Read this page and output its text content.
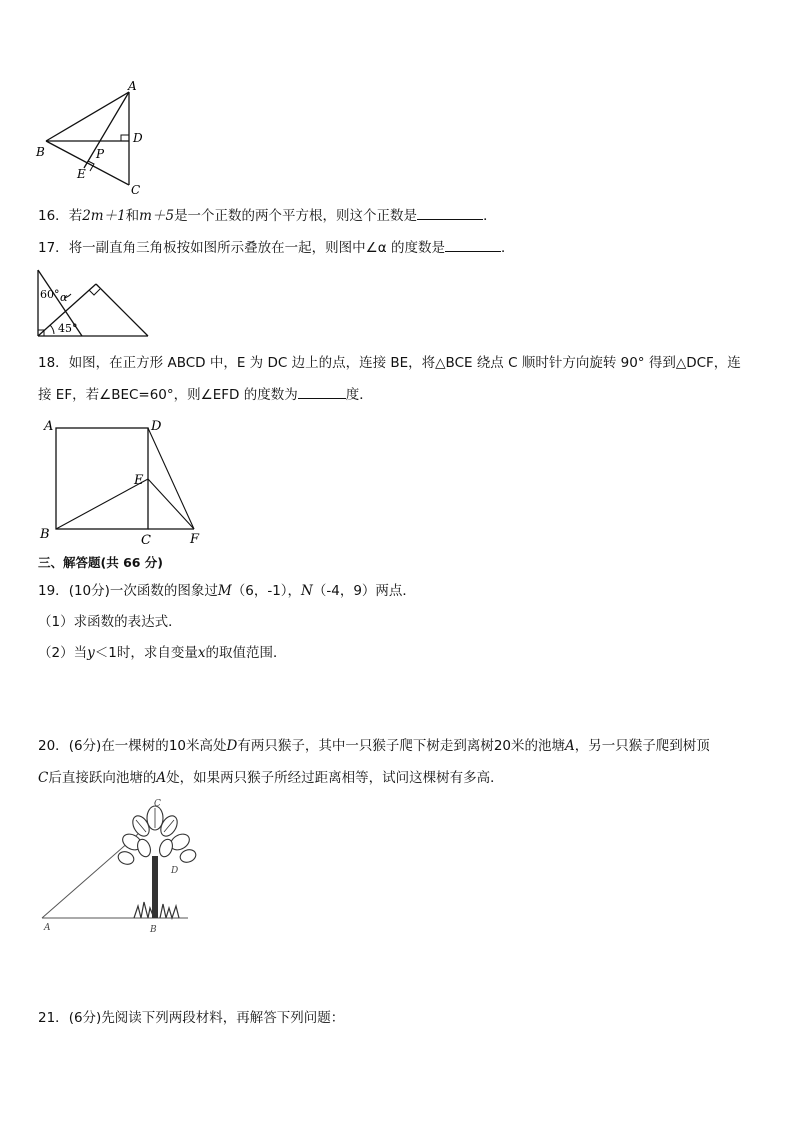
A
B
C
D
E
P
16．若2m＋1和m＋5是一个正数的两个平方根，则这个正数是	．
17．将一副直角三角板按如图所示叠放在一起，则图中∠α 的度数是	．
60° α
45°
18．如图，在正方形 ABCD 中，E 为 DC 边上的点，连接 BE，将△BCE 绕点 C 顺时针方向旋转 90° 得到△DCF，连
接 EF，若∠BEC=60°，则∠EFD 的度数为	度．
A	D
E
B	C	F
三、解答题(共 66 分)
19．(10分)一次函数的图象过M（6，-1），N（-4，9）两点．
（1）求函数的表达式．
（2）当y＜1时，求自变量x的取值范围．
20．(6分)在一棵树的10米高处D有两只猴子，其中一只猴子爬下树走到离树20米的池塘A，另一只猴子爬到树顶
C后直接跃向池塘的A处，如果两只猴子所经过距离相等，试问这棵树有多高．
C
D
A	B
21．(6分)先阅读下列两段材料，再解答下列问题：
